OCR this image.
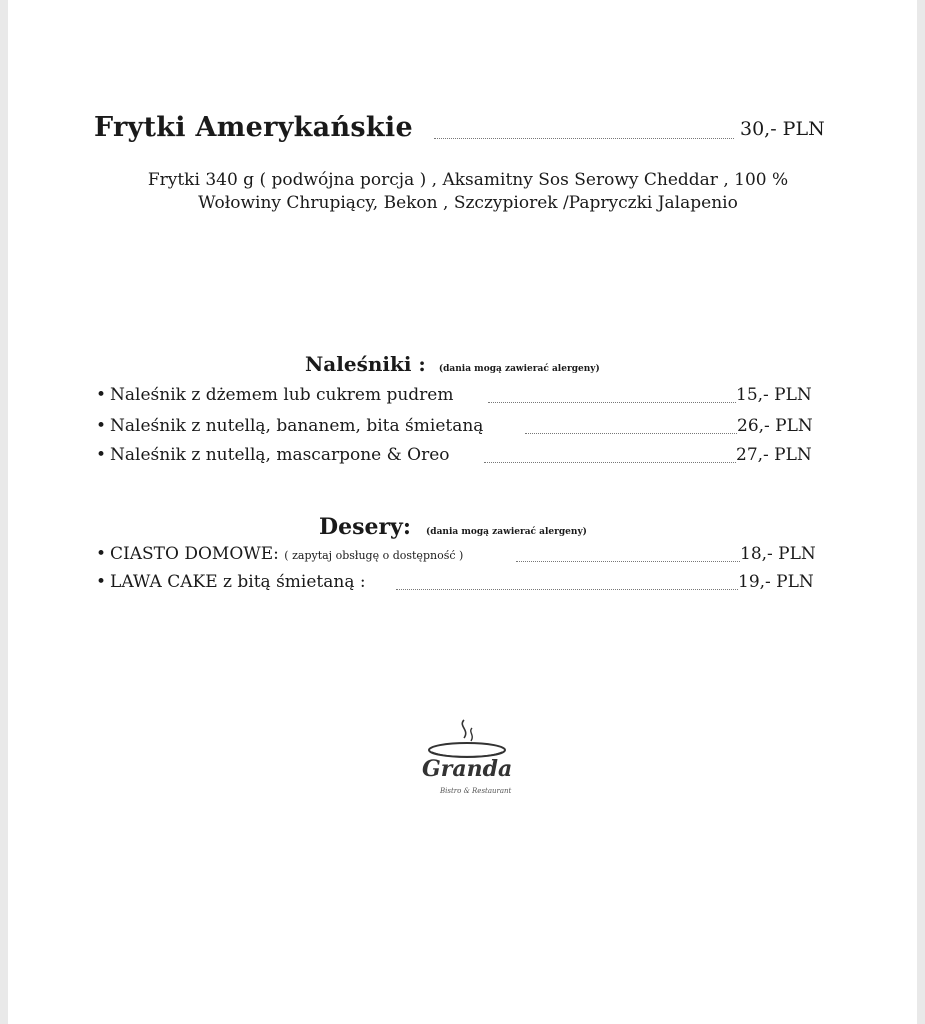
Frytki Amerykańskie	30,- PLN
Frytki 340 g ( podwójna porcja ) , Aksamitny Sos Serowy Cheddar , 100 %
Wołowiny Chrupiący, Bekon , Szczypiorek /Papryczki Jalapenio
Naleśniki : (dania mogą zawierać alergeny)
• Naleśnik z dżemem lub cukrem pudrem	15,- PLN
• Naleśnik z nutellą, bananem, bita śmietaną	26,- PLN
• Naleśnik z nutellą, mascarpone & Oreo	27,- PLN
Desery: (dania mogą zawierać alergeny)
• CIASTO DOMOWE: ( zapytaj obsługę o dostępność )	18,- PLN
• LAWA CAKE z bitą śmietaną :	19,- PLN
Granda
Bistro & Restaurant
